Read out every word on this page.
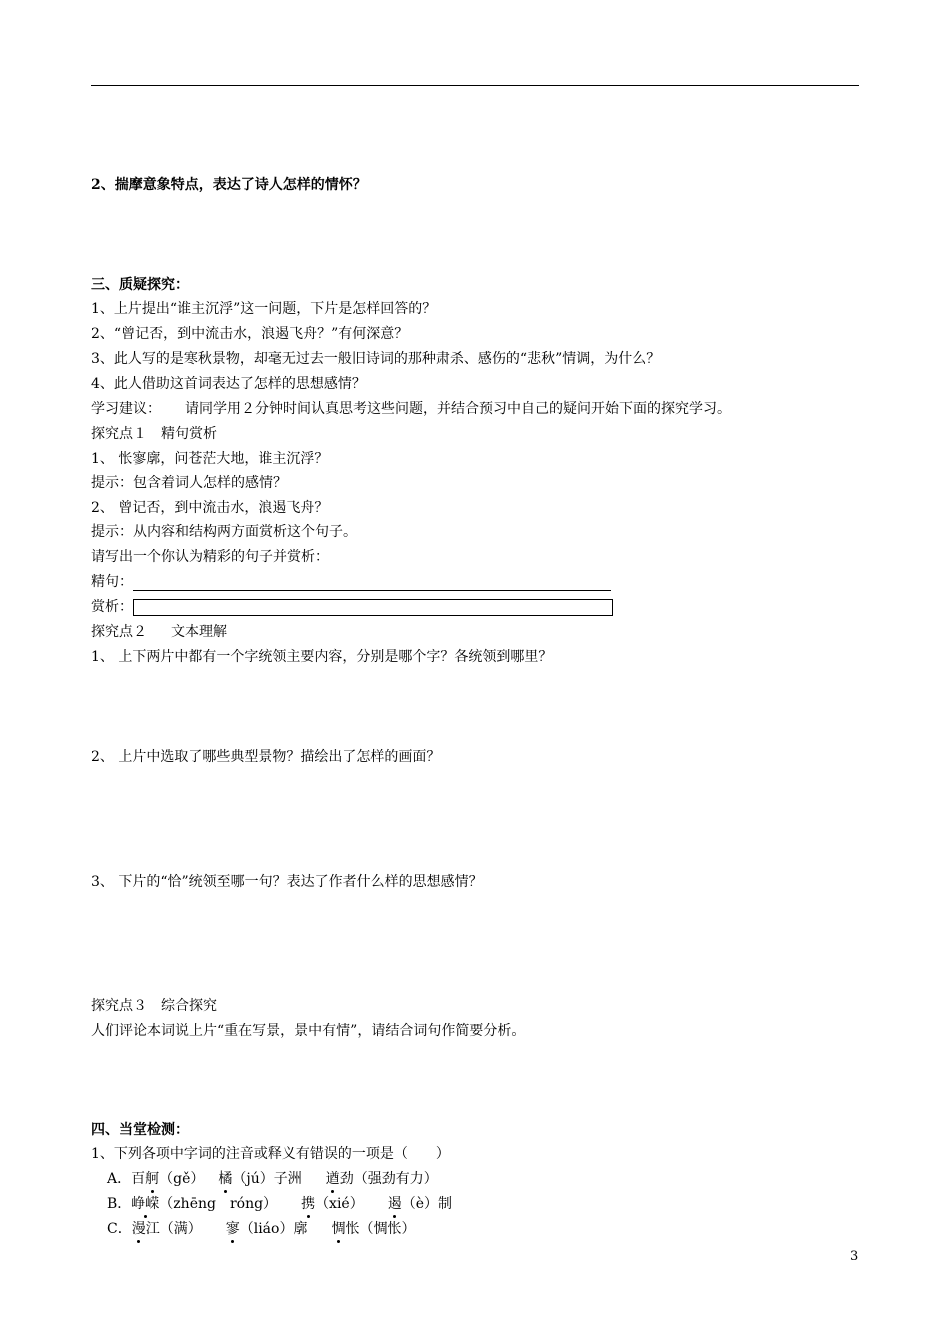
2、揣摩意象特点，表达了诗人怎样的情怀？
三、质疑探究：
1、上片提出“谁主沉浮”这一问题，下片是怎样回答的？
2、“曾记否，到中流击水，浪遏飞舟？”有何深意？
3、此人写的是寒秋景物，却毫无过去一般旧诗词的那种肃杀、感伤的“悲秋”情调，为什么？
4、此人借助这首词表达了怎样的思想感情？
学习建议： 请同学用２分钟时间认真思考这些问题，并结合预习中自己的疑问开始下面的探究学习。
探究点１ 精句赏析
1、 怅寥廓，问苍茫大地，谁主沉浮？
提示：包含着词人怎样的感情？
2、 曾记否，到中流击水，浪遏飞舟？
提示：从内容和结构两方面赏析这个句子。
请写出一个你认为精彩的句子并赏析：
精句：
赏析：
探究点２ 文本理解
1、 上下两片中都有一个字统领主要内容，分别是哪个字？各统领到哪里？
2、 上片中选取了哪些典型景物？描绘出了怎样的画面？
3、 下片的“恰”统领至哪一句？表达了作者什么样的思想感情？
探究点３ 综合探究
人们评论本词说上片“重在写景，景中有情”，请结合词句作简要分析。
四、当堂检测：
1、下列各项中字词的注音或释义有错误的一项是（　　）
A．百舸（gě） 橘（jú）子洲 遒劲（强劲有力）
B．峥嵘（zhēng　róng） 携（xié） 遏（è）制
C．漫江（满） 寥（liáo）廓 惆怅（惆怅）
3
